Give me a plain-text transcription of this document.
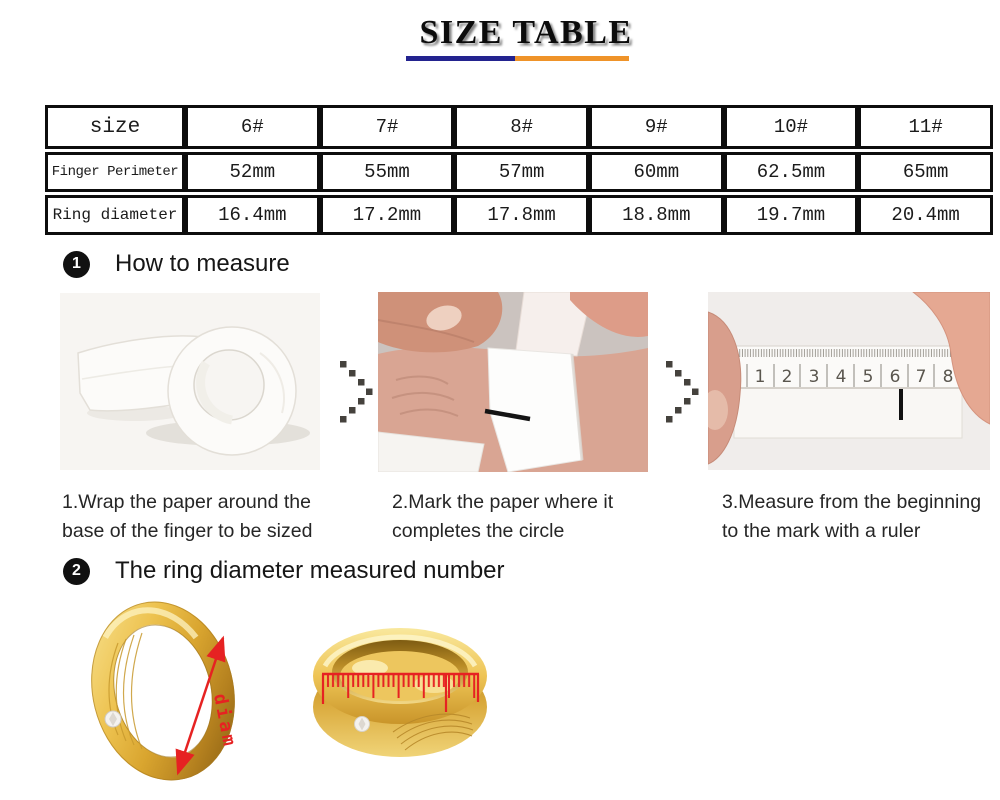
SIZE TABLE
size	6#	7#	8#	9#	10#	11#
Finger Perimeter	52mm	55mm	57mm	60mm	62.5mm	65mm
Ring diameter	16.4mm	17.2mm	17.8mm	18.8mm	19.7mm	20.4mm
1	How to measure
1 2 3 4 5 6 7 8
1.Wrap the paper around the
base of the finger to be sized
2.Mark the paper where it
completes the circle
3.Measure from the beginning
to the mark with a ruler
2	The ring diameter measured number
diam
